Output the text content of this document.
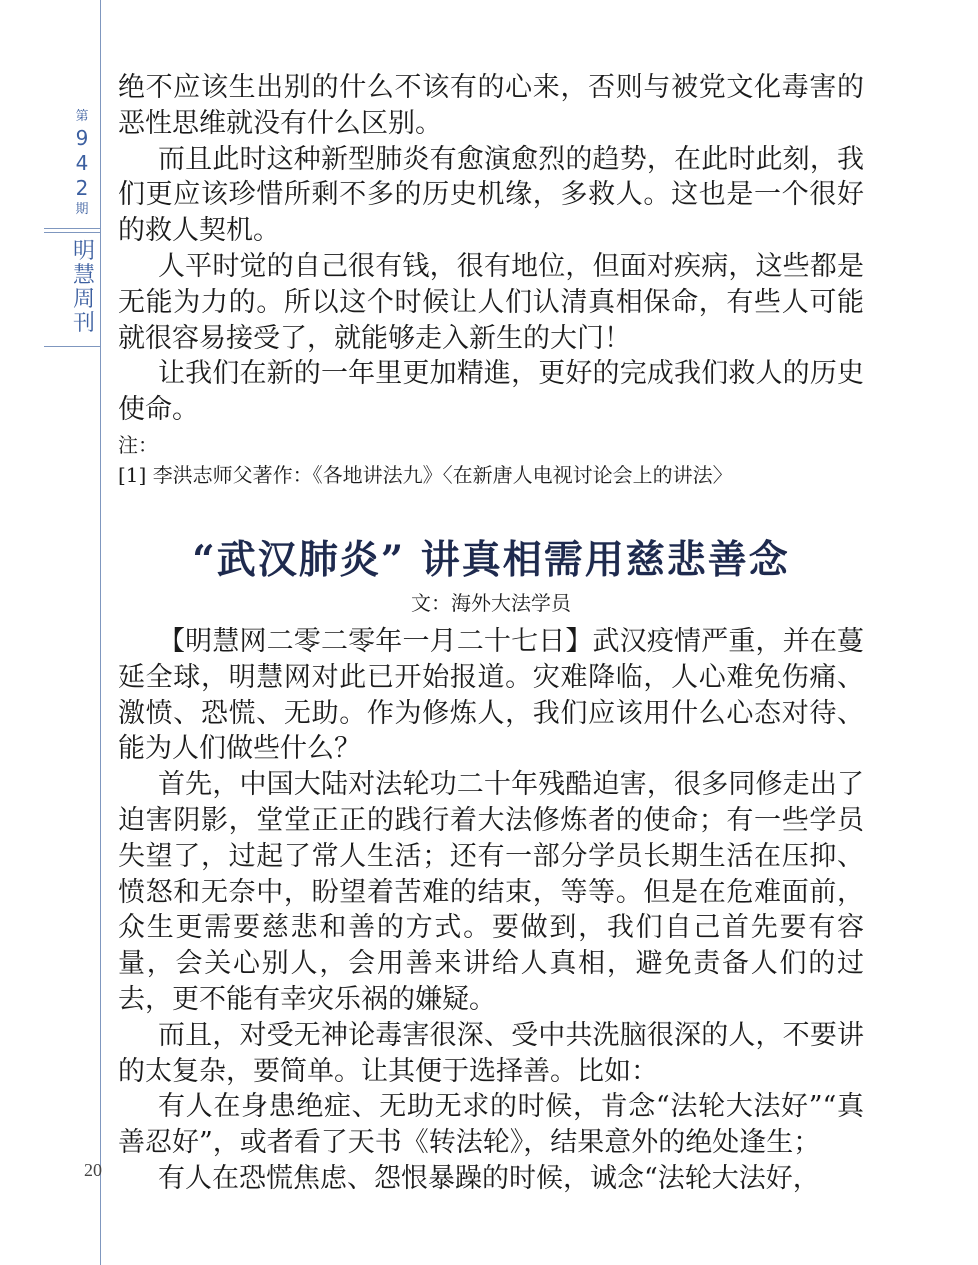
第
9
4
2
期
明
慧
周
刊
20

绝不应该生出别的什么不该有的心来，否则与被党文化毒害的恶性思维就没有什么区别。

而且此时这种新型肺炎有愈演愈烈的趋势，在此时此刻，我们更应该珍惜所剩不多的历史机缘，多救人。这也是一个很好的救人契机。

人平时觉的自己很有钱，很有地位，但面对疾病，这些都是无能为力的。所以这个时候让人们认清真相保命，有些人可能就很容易接受了，就能够走入新生的大门！

让我们在新的一年里更加精進，更好的完成我们救人的历史使命。

注：

[1] 李洪志师父著作：《各地讲法九》〈在新唐人电视讨论会上的讲法〉

“武汉肺炎” 讲真相需用慈悲善念
文：海外大法学员

【明慧网二零二零年一月二十七日】武汉疫情严重，并在蔓延全球，明慧网对此已开始报道。灾难降临，人心难免伤痛、激愤、恐慌、无助。作为修炼人，我们应该用什么心态对待、能为人们做些什么？

首先，中国大陆对法轮功二十年残酷迫害，很多同修走出了迫害阴影，堂堂正正的践行着大法修炼者的使命；有一些学员失望了，过起了常人生活；还有一部分学员长期生活在压抑、愤怒和无奈中，盼望着苦难的结束，等等。但是在危难面前，众生更需要慈悲和善的方式。要做到，我们自己首先要有容量，会关心别人，会用善来讲给人真相，避免责备人们的过去，更不能有幸灾乐祸的嫌疑。

而且，对受无神论毒害很深、受中共洗脑很深的人，不要讲的太复杂，要简单。让其便于选择善。比如：

有人在身患绝症、无助无求的时候，肯念“法轮大法好”“真善忍好”，或者看了天书《转法轮》，结果意外的绝处逢生；

有人在恐慌焦虑、怨恨暴躁的时候，诚念“法轮大法好，
